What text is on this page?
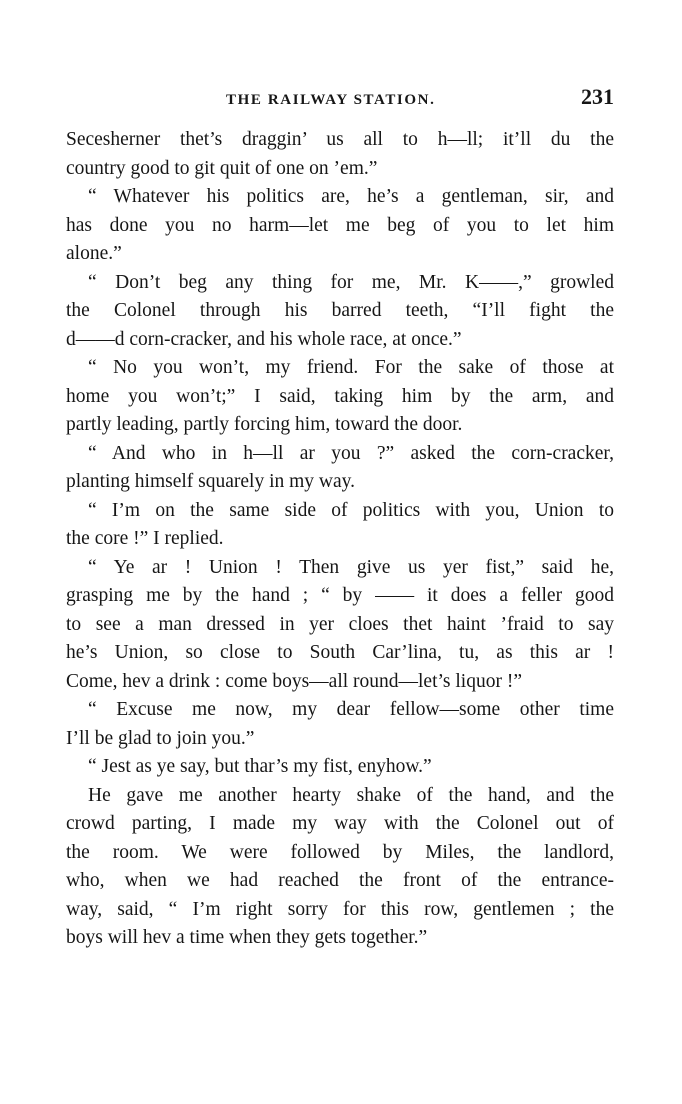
THE RAILWAY STATION.	231
Secesherner thet’s draggin’ us all to h—ll; it’ll du the
country good to git quit of one on ’em.”
“ Whatever his politics are, he’s a gentleman, sir, and
has done you no harm—let me beg of you to let him
alone.”
“ Don’t beg any thing for me, Mr. K——,” growled
the Colonel through his barred teeth, “I’ll fight the
d——d corn-cracker, and his whole race, at once.”
“ No you won’t, my friend. For the sake of those at
home you won’t;” I said, taking him by the arm, and
partly leading, partly forcing him, toward the door.
“ And who in h—ll ar you ?” asked the corn-cracker,
planting himself squarely in my way.
“ I’m on the same side of politics with you, Union to
the core !” I replied.
“ Ye ar ! Union ! Then give us yer fist,” said he,
grasping me by the hand ; “ by —— it does a feller good
to see a man dressed in yer cloes thet haint ’fraid to say
he’s Union, so close to South Car’lina, tu, as this ar !
Come, hev a drink : come boys—all round—let’s liquor !”
“ Excuse me now, my dear fellow—some other time
I’ll be glad to join you.”
“ Jest as ye say, but thar’s my fist, enyhow.”
He gave me another hearty shake of the hand, and the
crowd parting, I made my way with the Colonel out of
the room. We were followed by Miles, the landlord,
who, when we had reached the front of the entrance-
way, said, “ I’m right sorry for this row, gentlemen ; the
boys will hev a time when they gets together.”
